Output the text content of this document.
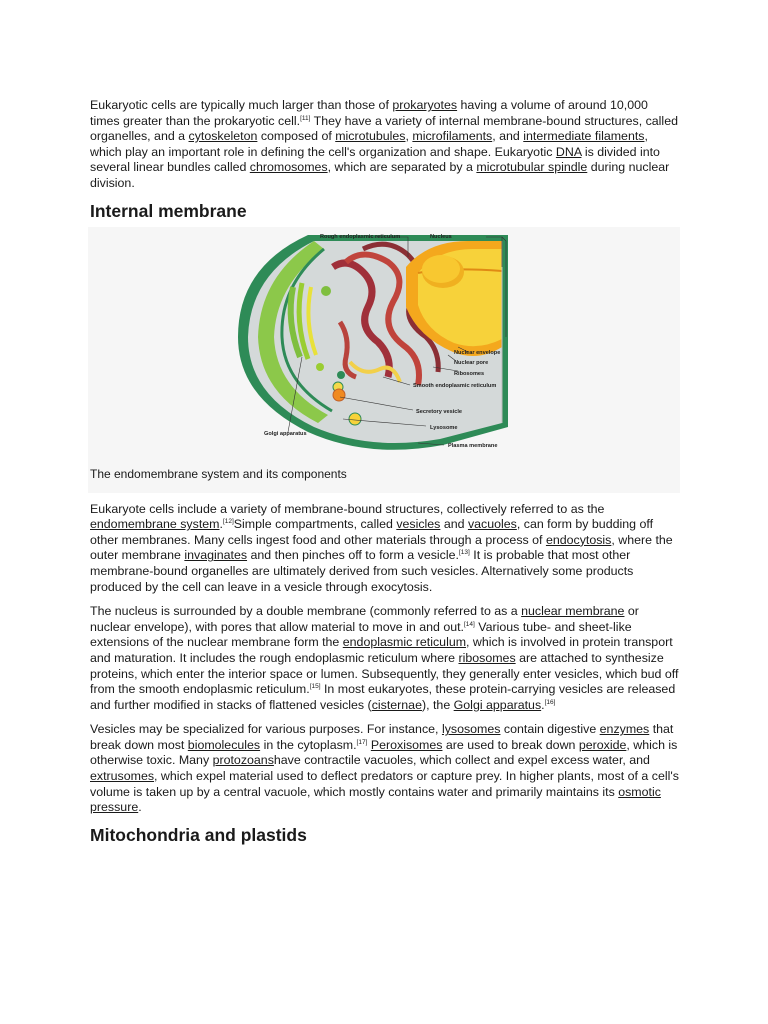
Eukaryotic cells are typically much larger than those of prokaryotes having a volume of around 10,000 times greater than the prokaryotic cell.[11] They have a variety of internal membrane-bound structures, called organelles, and a cytoskeleton composed of microtubules, microfilaments, and intermediate filaments, which play an important role in defining the cell's organization and shape. Eukaryotic DNA is divided into several linear bundles called chromosomes, which are separated by a microtubular spindle during nuclear division.

Internal membrane
Rough endoplasmic reticulum	Nucleus
Nuclear envelope
Nuclear pore
Ribosomes
Smooth endoplasmic reticulum
Secretory vesicle
Lysosome
Golgi apparatus
Plasma membrane
The endomembrane system and its components

Eukaryote cells include a variety of membrane-bound structures, collectively referred to as the endomembrane system.[12]Simple compartments, called vesicles and vacuoles, can form by budding off other membranes. Many cells ingest food and other materials through a process of endocytosis, where the outer membrane invaginates and then pinches off to form a vesicle.[13] It is probable that most other membrane-bound organelles are ultimately derived from such vesicles. Alternatively some products produced by the cell can leave in a vesicle through exocytosis.

The nucleus is surrounded by a double membrane (commonly referred to as a nuclear membrane or nuclear envelope), with pores that allow material to move in and out.[14] Various tube- and sheet-like extensions of the nuclear membrane form the endoplasmic reticulum, which is involved in protein transport and maturation. It includes the rough endoplasmic reticulum where ribosomes are attached to synthesize proteins, which enter the interior space or lumen. Subsequently, they generally enter vesicles, which bud off from the smooth endoplasmic reticulum.[15] In most eukaryotes, these protein-carrying vesicles are released and further modified in stacks of flattened vesicles (cisternae), the Golgi apparatus.[16]

Vesicles may be specialized for various purposes. For instance, lysosomes contain digestive enzymes that break down most biomolecules in the cytoplasm.[17] Peroxisomes are used to break down peroxide, which is otherwise toxic. Many protozoanshave contractile vacuoles, which collect and expel excess water, and extrusomes, which expel material used to deflect predators or capture prey. In higher plants, most of a cell's volume is taken up by a central vacuole, which mostly contains water and primarily maintains its osmotic pressure.

Mitochondria and plastids
